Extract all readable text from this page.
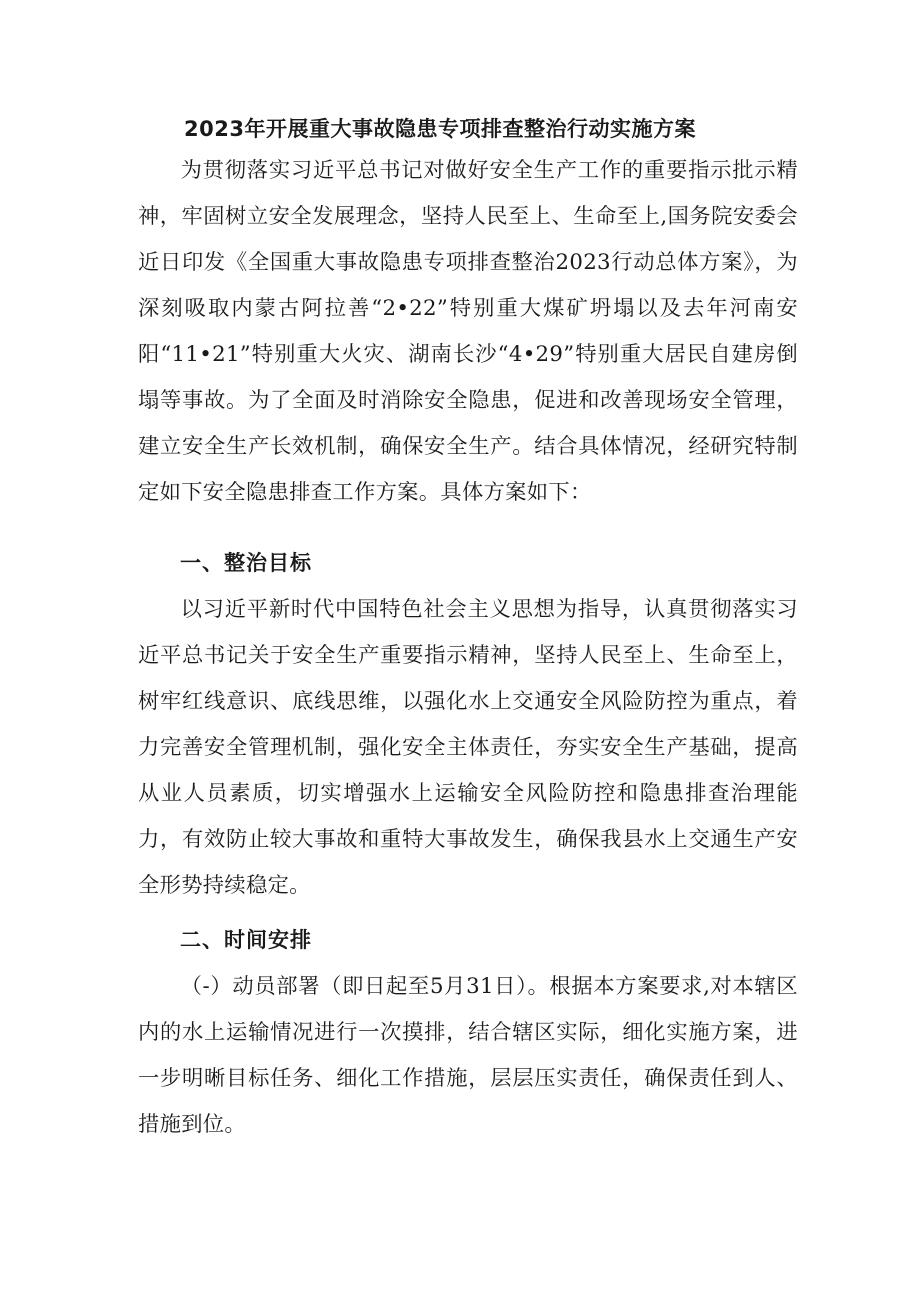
2023年开展重大事故隐患专项排查整治行动实施方案

为贯彻落实习近平总书记对做好安全生产工作的重要指示批示精神，牢固树立安全发展理念，坚持人民至上、生命至上,国务院安委会近日印发《全国重大事故隐患专项排查整治2023行动总体方案》，为深刻吸取内蒙古阿拉善“2•22”特别重大煤矿坍塌以及去年河南安阳“11•21”特别重大火灾、湖南长沙“4•29”特别重大居民自建房倒塌等事故。为了全面及时消除安全隐患，促进和改善现场安全管理，建立安全生产长效机制，确保安全生产。结合具体情况，经研究特制定如下安全隐患排查工作方案。具体方案如下：

一、整治目标

以习近平新时代中国特色社会主义思想为指导，认真贯彻落实习近平总书记关于安全生产重要指示精神，坚持人民至上、生命至上，树牢红线意识、底线思维，以强化水上交通安全风险防控为重点，着力完善安全管理机制，强化安全主体责任，夯实安全生产基础，提高从业人员素质，切实增强水上运输安全风险防控和隐患排查治理能力，有效防止较大事故和重特大事故发生，确保我县水上交通生产安全形势持续稳定。

二、时间安排

（-）动员部署（即日起至5月31日）。根据本方案要求,对本辖区内的水上运输情况进行一次摸排，结合辖区实际，细化实施方案，进一步明晰目标任务、细化工作措施，层层压实责任，确保责任到人、措施到位。
